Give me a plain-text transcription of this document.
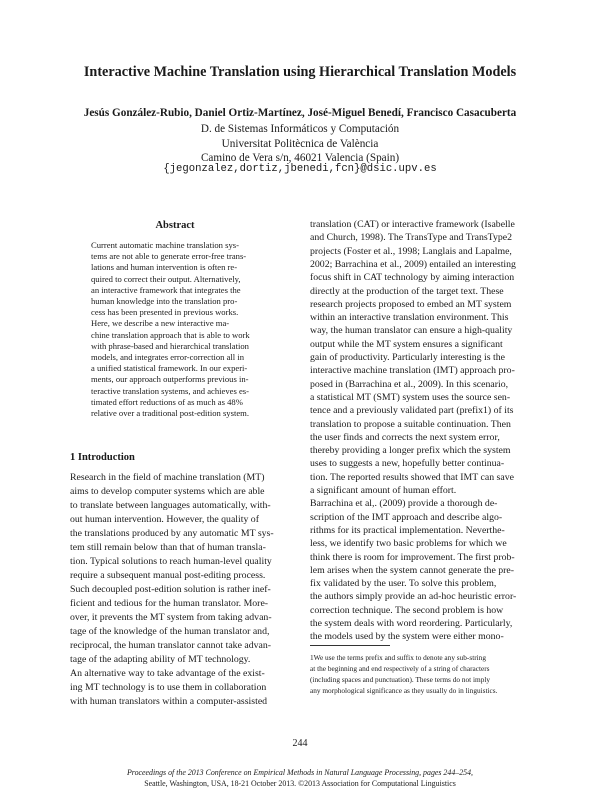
Interactive Machine Translation using Hierarchical Translation Models
Jesús González-Rubio, Daniel Ortiz-Martínez, José-Miguel Benedí, Francisco Casacuberta
D. de Sistemas Informáticos y Computación
Universitat Politècnica de València
Camino de Vera s/n, 46021 Valencia (Spain)
{jegonzalez,dortiz,jbenedi,fcn}@dsic.upv.es
Abstract
Current automatic machine translation sys-
tems are not able to generate error-free trans-
lations and human intervention is often re-
quired to correct their output. Alternatively,
an interactive framework that integrates the
human knowledge into the translation pro-
cess has been presented in previous works.
Here, we describe a new interactive ma-
chine translation approach that is able to work
with phrase-based and hierarchical translation
models, and integrates error-correction all in
a unified statistical framework. In our experi-
ments, our approach outperforms previous in-
teractive translation systems, and achieves es-
timated effort reductions of as much as 48%
relative over a traditional post-edition system.
1 Introduction
Research in the field of machine translation (MT)
aims to develop computer systems which are able
to translate between languages automatically, with-
out human intervention. However, the quality of
the translations produced by any automatic MT sys-
tem still remain below than that of human transla-
tion. Typical solutions to reach human-level quality
require a subsequent manual post-editing process.
Such decoupled post-edition solution is rather inef-
ficient and tedious for the human translator. More-
over, it prevents the MT system from taking advan-
tage of the knowledge of the human translator and,
reciprocal, the human translator cannot take advan-
tage of the adapting ability of MT technology.
An alternative way to take advantage of the exist-
ing MT technology is to use them in collaboration
with human translators within a computer-assisted
translation (CAT) or interactive framework (Isabelle
and Church, 1998). The TransType and TransType2
projects (Foster et al., 1998; Langlais and Lapalme,
2002; Barrachina et al., 2009) entailed an interesting
focus shift in CAT technology by aiming interaction
directly at the production of the target text. These
research projects proposed to embed an MT system
within an interactive translation environment. This
way, the human translator can ensure a high-quality
output while the MT system ensures a significant
gain of productivity. Particularly interesting is the
interactive machine translation (IMT) approach pro-
posed in (Barrachina et al., 2009). In this scenario,
a statistical MT (SMT) system uses the source sen-
tence and a previously validated part (prefix1) of its
translation to propose a suitable continuation. Then
the user finds and corrects the next system error,
thereby providing a longer prefix which the system
uses to suggests a new, hopefully better continua-
tion. The reported results showed that IMT can save
a significant amount of human effort.
Barrachina et al,. (2009) provide a thorough de-
scription of the IMT approach and describe algo-
rithms for its practical implementation. Neverthe-
less, we identify two basic problems for which we
think there is room for improvement. The first prob-
lem arises when the system cannot generate the pre-
fix validated by the user. To solve this problem,
the authors simply provide an ad-hoc heuristic error-
correction technique. The second problem is how
the system deals with word reordering. Particularly,
the models used by the system were either mono-
1We use the terms prefix and suffix to denote any sub-string
at the beginning and end respectively of a string of characters
(including spaces and punctuation). These terms do not imply
any morphological significance as they usually do in linguistics.
244
Proceedings of the 2013 Conference on Empirical Methods in Natural Language Processing, pages 244–254,
Seattle, Washington, USA, 18-21 October 2013. ©2013 Association for Computational Linguistics
